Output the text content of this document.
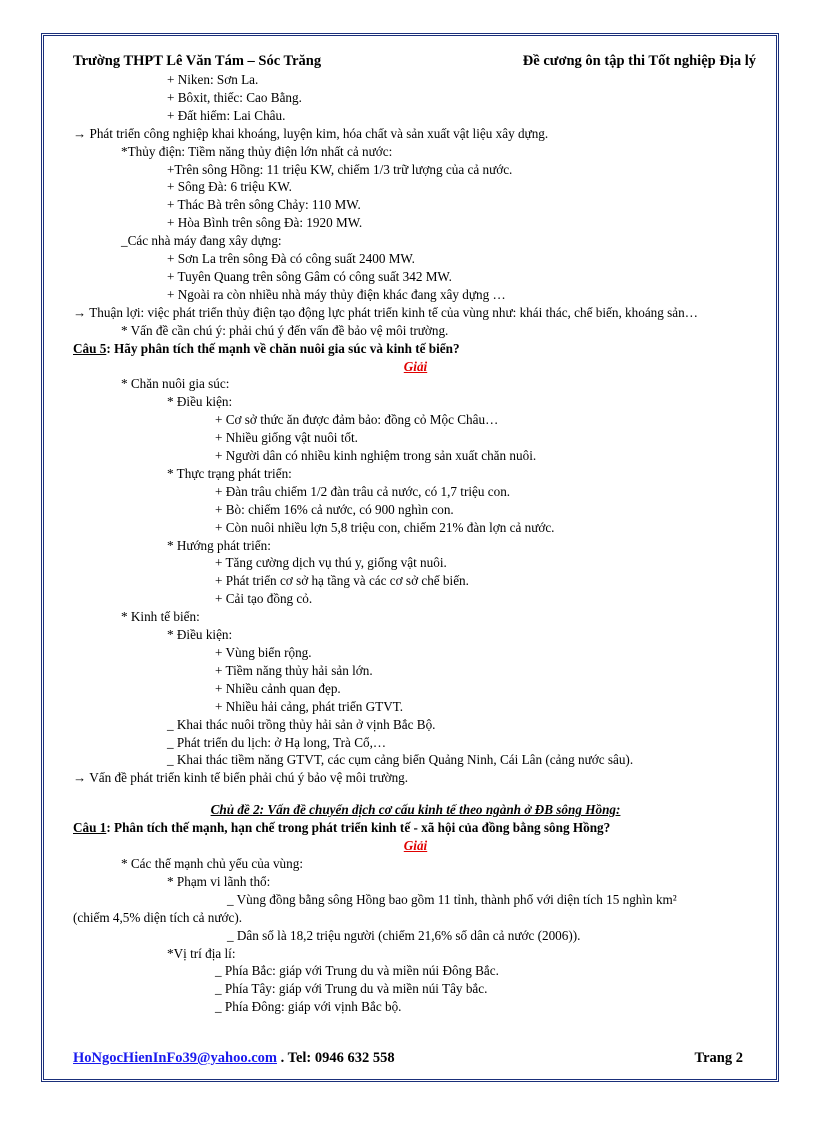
Trường THPT Lê Văn Tám – Sóc Trăng	Đề cương ôn tập thi Tốt nghiệp Địa lý
+ Niken: Sơn La.
+ Bôxit, thiếc: Cao Bằng.
+ Đất hiếm: Lai Châu.
→ Phát triển công nghiệp khai khoáng, luyện kim, hóa chất và sản xuất vật liệu xây dựng.
*Thủy điện: Tiềm năng thủy điện lớn nhất cả nước:
+Trên sông Hồng: 11 triệu KW, chiếm 1/3 trữ lượng của cả nước.
+ Sông Đà: 6 triệu KW.
+ Thác Bà trên sông Chảy: 110 MW.
+ Hòa Bình trên sông Đà: 1920 MW.
_Các nhà máy đang xây dựng:
+ Sơn La trên sông Đà có công suất 2400 MW.
+ Tuyên Quang trên sông Gâm có công suất 342 MW.
+ Ngoài ra còn nhiều nhà máy thủy điện khác đang xây dựng …
→ Thuận lợi: việc phát triển thủy điện tạo động lực phát triển kinh tế của vùng như: khái thác, chế biến, khoáng sản…
* Vấn đề cần chú ý: phải chú ý đến vấn đề bảo vệ môi trường.
Câu 5: Hãy phân tích thế mạnh về chăn nuôi gia súc và kinh tế biển?
Giải
* Chăn nuôi gia súc:
* Điều kiện:
+ Cơ sở thức ăn được đảm bảo: đồng cỏ Mộc Châu…
+ Nhiều giống vật nuôi tốt.
+ Người dân có nhiều kinh nghiệm trong sản xuất chăn nuôi.
* Thực trạng phát triển:
+ Đàn trâu chiếm 1/2 đàn trâu cả nước, có 1,7 triệu con.
+ Bò: chiếm 16% cả nước, có 900 nghìn con.
+ Còn nuôi nhiều lợn 5,8 triệu con, chiếm 21% đàn lợn cả nước.
* Hướng phát triển:
+ Tăng cường dịch vụ thú y, giống vật nuôi.
+ Phát triển cơ sở hạ tầng và các cơ sở chế biến.
+ Cải tạo đồng cỏ.
* Kinh tế biển:
* Điều kiện:
+ Vùng biển rộng.
+ Tiềm năng thủy hải sản lớn.
+ Nhiều cảnh quan đẹp.
+ Nhiều hải cảng, phát triển GTVT.
_ Khai thác nuôi trồng thủy hải sản ở vịnh Bắc Bộ.
_ Phát triển du lịch: ở Hạ long, Trà Cổ,…
_ Khai thác tiềm năng GTVT, các cụm cảng biển Quảng Ninh, Cái Lân (cảng nước sâu).
→ Vấn đề phát triển kinh tế biển phải chú ý bảo vệ môi trường.
Chủ đề 2: Vấn đề chuyển dịch cơ cấu kinh tế theo ngành ở ĐB sông Hồng:
Câu 1: Phân tích thế mạnh, hạn chế trong phát triển kinh tế - xã hội của đồng bằng sông Hồng?
Giải
* Các thế mạnh chủ yếu của vùng:
* Phạm vi lãnh thổ:
_ Vùng đồng bằng sông Hồng bao gồm 11 tỉnh, thành phố với diện tích 15 nghìn km²
(chiếm 4,5% diện tích cả nước).
_ Dân số là 18,2 triệu người (chiếm 21,6% số dân cả nước (2006)).
*Vị trí địa lí:
_ Phía Bắc: giáp với Trung du và miền núi Đông Bắc.
_ Phía Tây: giáp với Trung du và miền núi Tây bắc.
_ Phía Đông: giáp với vịnh Bắc bộ.
HoNgocHienInFo39@yahoo.com . Tel: 0946 632 558	Trang 2
